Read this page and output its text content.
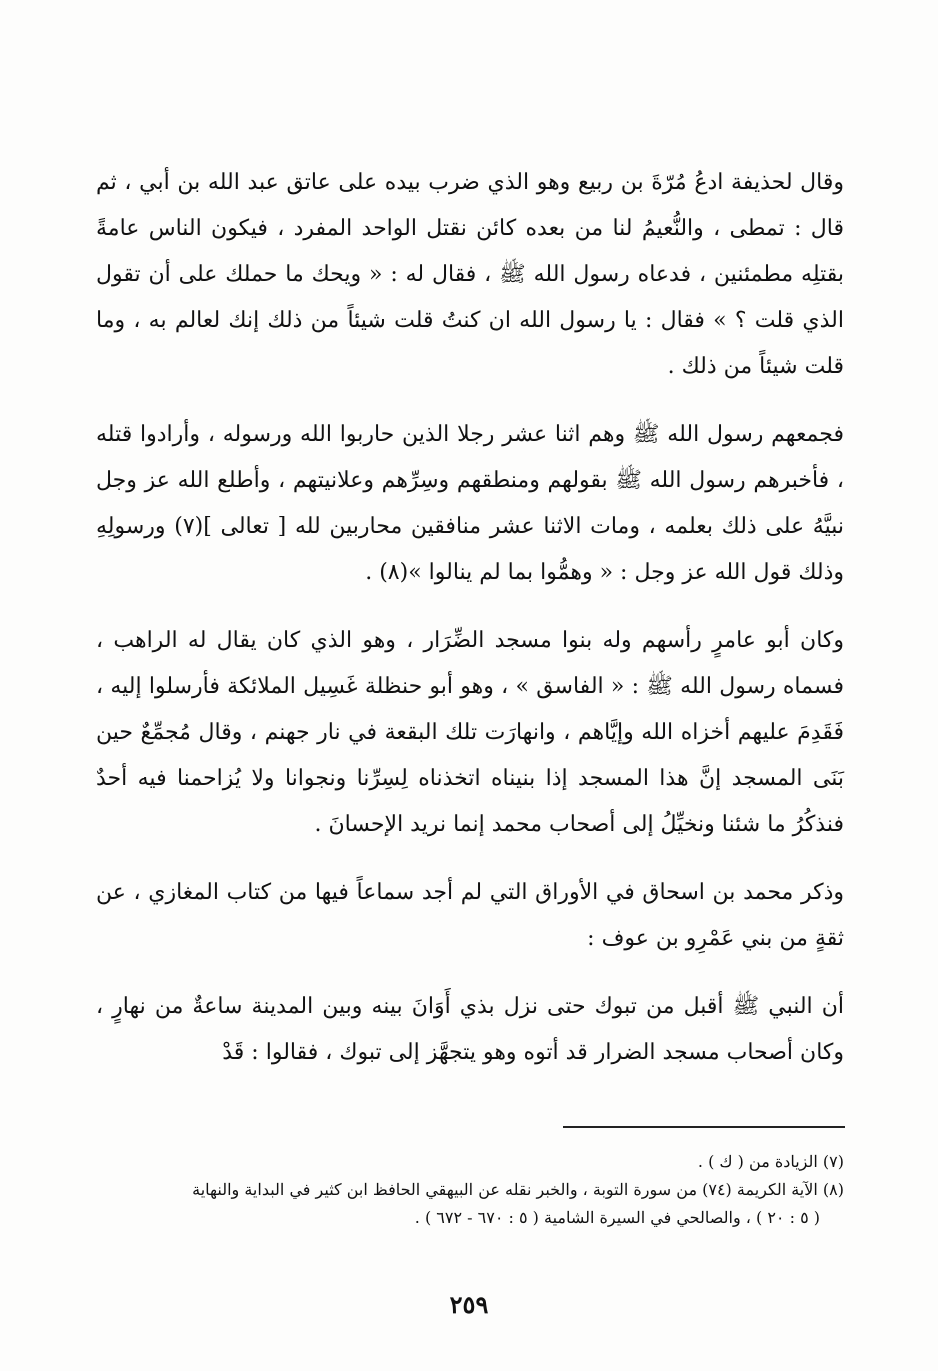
وقال لحذيفة ادعُ مُرّةَ بن ربيع وهو الذي ضرب بيده على عاتق عبد الله بن أبي ، ثم قال : تمطى ، والنُّعيمُ لنا من بعده كائن نقتل الواحد المفرد ، فيكون الناس عامةً بقتلِه مطمئنين ، فدعاه رسول الله ﷺ ، فقال له : « ويحك ما حملك على أن تقول الذي قلت ؟ » فقال : يا رسول الله ان كنتُ قلت شيئاً من ذلك إنك لعالم به ، وما قلت شيئاً من ذلك .

فجمعهم رسول الله ﷺ وهم اثنا عشر رجلا الذين حاربوا الله ورسوله ، وأرادوا قتله ، فأخبرهم رسول الله ﷺ بقولهم ومنطقهم وسِرِّهم وعلانيتهم ، وأطلع الله عز وجل نبيَّهُ على ذلك بعلمه ، ومات الاثنا عشر منافقين محاربين لله [ تعالى ](٧) ورسولِهِ وذلك قول الله عز وجل : « وهمُّوا بما لم ينالوا »(٨) .

وكان أبو عامرٍ رأسهم وله بنوا مسجد الضِّرَار ، وهو الذي كان يقال له الراهب ، فسماه رسول الله ﷺ : « الفاسق » ، وهو أبو حنظلة غَسِيل الملائكة فأرسلوا إليه ، فَقَدِمَ عليهم أخزاه الله وإيَّاهم ، وانهارَت تلك البقعة في نار جهنم ، وقال مُجمِّعٌ حين بَنَى المسجد إنَّ هذا المسجد إذا بنيناه اتخذناه لِسِرِّنا ونجوانا ولا يُزاحمنا فيه أحدٌ فنذكُرُ ما شئنا ونخيِّلُ إلى أصحاب محمد إنما نريد الإحسانَ .

وذكر محمد بن اسحاق في الأوراق التي لم أجد سماعاً فيها من كتاب المغازي ، عن ثقةٍ من بني عَمْرِو بن عوف :

أن النبي ﷺ أقبل من تبوك حتى نزل بذي أَوَانَ بينه وبين المدينة ساعةٌ من نهارٍ ، وكان أصحاب مسجد الضرار قد أتوه وهو يتجهَّز إلى تبوك ، فقالوا : قَدْ

(٧) الزيادة من ( ك ) .

(٨) الآية الكريمة (٧٤) من سورة التوبة ، والخبر نقله عن البيهقي الحافظ ابن كثير في البداية والنهاية

( ٥ : ٢٠ ) ، والصالحي في السيرة الشامية ( ٥ : ٦٧٠ - ٦٧٢ ) .

٢٥٩
